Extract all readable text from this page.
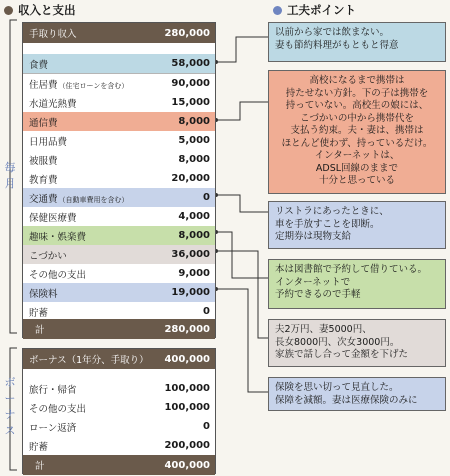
収入と支出	工夫ポイント
毎月
ボーナス
手取り収入	280,000
食費	58,000
住居費 （住宅ローンを含む）	90,000
水道光熱費	15,000
通信費	8,000
日用品費	5,000
被服費	8,000
教育費	20,000
交通費 （自動車費用を含む）	0
保健医療費	4,000
趣味・娯楽費	8,000
こづかい	36,000
その他の支出	9,000
保険料	19,000
貯蓄	0
計	280,000
ボーナス（1年分、手取り） 400,000
旅行・帰省	100,000
その他の支出	100,000
ローン返済	0
貯蓄	200,000
計	400,000
以前から家では飲まない。
妻も節約料理がもともと得意
高校になるまで携帯は
持たせない方針。下の子は携帯を
持っていない。高校生の娘には、
こづかいの中から携帯代を
支払う約束。夫・妻は、携帯は
ほとんど使わず、持っているだけ。
インターネットは、
ADSL回線のままで
十分と思っている
リストラにあったときに、
車を手放すことを即断。
定期券は現物支給
本は図書館で予約して借りている。
インターネットで
予約できるので手軽
夫2万円、妻5000円、
長女8000円、次女3000円。
家族で話し合って金額を下げた
保険を思い切って見直した。
保障を減額。妻は医療保険のみに
